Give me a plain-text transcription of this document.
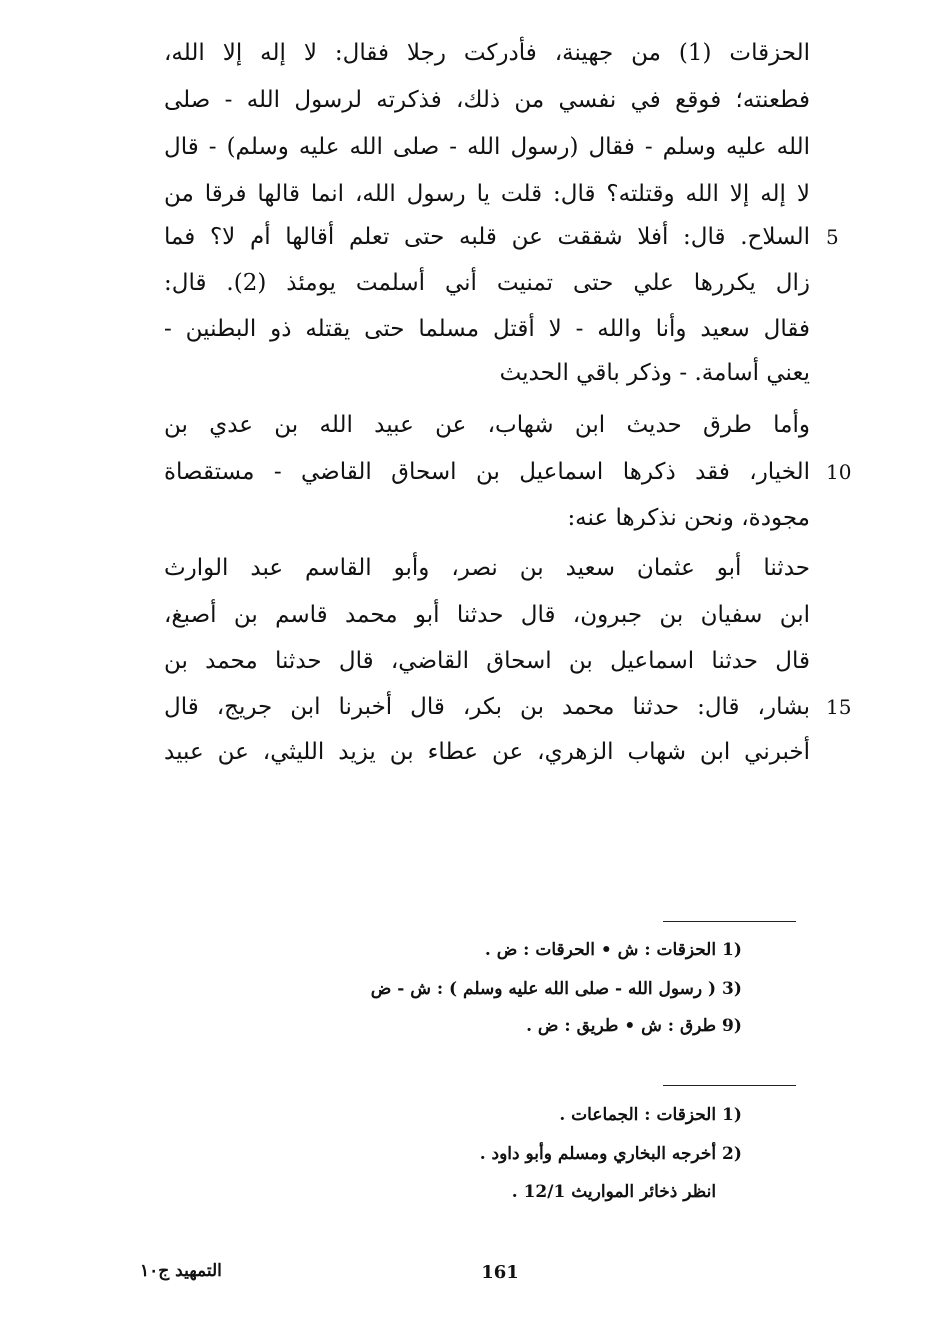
الحزقات (1) من جهينة، فأدركت رجلا فقال: لا إله إلا الله،
فطعنته؛ فوقع في نفسي من ذلك، فذكرته لرسول الله - صلى
الله عليه وسلم - فقال (رسول الله - صلى الله عليه وسلم) - قال
لا إله إلا الله وقتلته؟ قال: قلت يا رسول الله، انما قالها فرقا من
السلاح. قال: أفلا شققت عن قلبه حتى تعلم أقالها أم لا؟ فما
زال يكررها علي حتى تمنيت أني أسلمت يومئذ (2). قال:
فقال سعيد وأنا والله - لا أقتل مسلما حتى يقتله ذو البطنين -
يعني أسامة. - وذكر باقي الحديث
وأما طرق حديث ابن شهاب، عن عبيد الله بن عدي بن
الخيار، فقد ذكرها اسماعيل بن اسحاق القاضي - مستقصاة
مجودة، ونحن نذكرها عنه:
حدثنا أبو عثمان سعيد بن نصر، وأبو القاسم عبد الوارث
ابن سفيان بن جبرون، قال حدثنا أبو محمد قاسم بن أصبغ،
قال حدثنا اسماعيل بن اسحاق القاضي، قال حدثنا محمد بن
بشار، قال: حدثنا محمد بن بكر، قال أخبرنا ابن جريج، قال
أخبرني ابن شهاب الزهري، عن عطاء بن يزيد الليثي، عن عبيد
5
10
15
1) الحزقات : ش • الحرقات : ض .
3) ( رسول الله - صلى الله عليه وسلم ) : ش - ض
9) طرق : ش • طريق : ض .
1) الحزقات : الجماعات .
2) أخرجه البخاري ومسلم وأبو داود .
انظر ذخائر المواريث 12/1 .
التمهيد ج١٠	161
